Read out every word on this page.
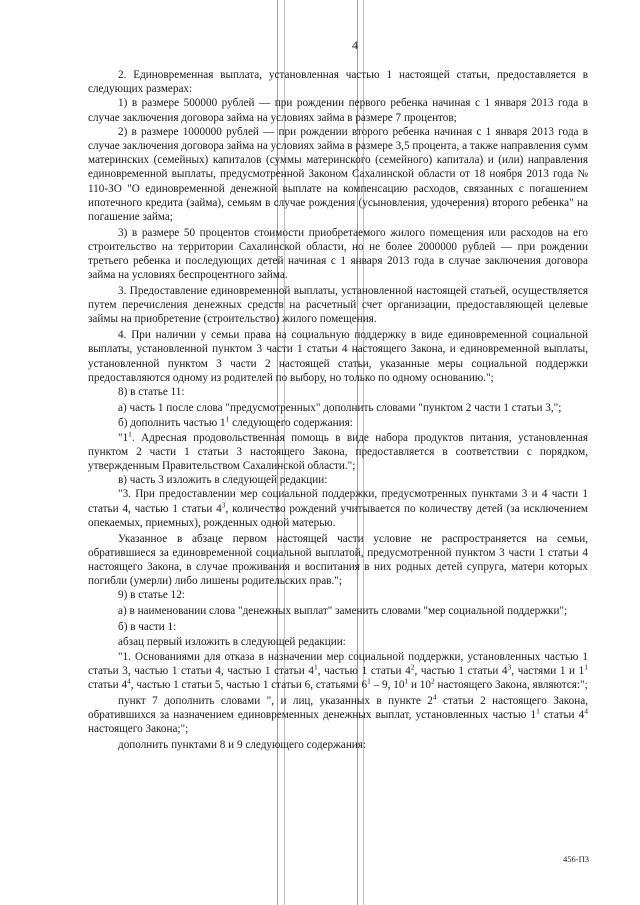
4

2. Единовременная выплата, установленная частью 1 настоящей статьи, предоставляется в следующих размерах:

1) в размере 500000 рублей — при рождении первого ребенка начиная с 1 января 2013 года в случае заключения договора займа на условиях займа в размере 7 процентов;

2) в размере 1000000 рублей — при рождении второго ребенка начиная с 1 января 2013 года в случае заключения договора займа на условиях займа в размере 3,5 процента, а также направления сумм материнских (семейных) капиталов (суммы материнского (семейного) капитала) и (или) направления единовременной выплаты, предусмотренной Законом Сахалинской области от 18 ноября 2013 года № 110-ЗО "О единовременной денежной выплате на компенсацию расходов, связанных с погашением ипотечного кредита (займа), семьям в случае рождения (усыновления, удочерения) второго ребенка" на погашение займа;

3) в размере 50 процентов стоимости приобретаемого жилого помещения или расходов на его строительство на территории Сахалинской области, но не более 2000000 рублей — при рождении третьего ребенка и последующих детей начиная с 1 января 2013 года в случае заключения договора займа на условиях беспроцентного займа.

3. Предоставление единовременной выплаты, установленной настоящей статьей, осуществляется путем перечисления денежных средств на расчетный счет организации, предоставляющей целевые займы на приобретение (строительство) жилого помещения.

4. При наличии у семьи права на социальную поддержку в виде единовременной социальной выплаты, установленной пунктом 3 части 1 статьи 4 настоящего Закона, и единовременной выплаты, установленной пунктом 3 части 2 настоящей статьи, указанные меры социальной поддержки предоставляются одному из родителей по выбору, но только по одному основанию.";

8) в статье 11:

а) часть 1 после слова "предусмотренных" дополнить словами "пунктом 2 части 1 статьи 3,";

б) дополнить частью $1^1$ следующего содержания:

"$1^1$. Адресная продовольственная помощь в виде набора продуктов питания, установленная пунктом 2 части 1 статьи 3 настоящего Закона, предоставляется в соответствии с порядком, утвержденным Правительством Сахалинской области.";

в) часть 3 изложить в следующей редакции:

"3. При предоставлении мер социальной поддержки, предусмотренных пунктами 3 и 4 части 1 статьи 4, частью 1 статьи $4^3$, количество рождений учитывается по количеству детей (за исключением опекаемых, приемных), рожденных одной матерью.

Указанное в абзаце первом настоящей части условие не распространяется на семьи, обратившиеся за единовременной социальной выплатой, предусмотренной пунктом 3 части 1 статьи 4 настоящего Закона, в случае проживания и воспитания в них родных детей супруга, матери которых погибли (умерли) либо лишены родительских прав.";

9) в статье 12:

а) в наименовании слова "денежных выплат" заменить словами "мер социальной поддержки";

б) в части 1:

абзац первый изложить в следующей редакции:

"1. Основаниями для отказа в назначении мер социальной поддержки, установленных частью 1 статьи 3, частью 1 статьи 4, частью 1 статьи $4^1$, частью 1 статьи $4^2$, частью 1 статьи $4^3$, частями 1 и $1^1$ статьи $4^4$, частью 1 статьи 5, частью 1 статьи 6, статьями $6^1 - 9$, $10^1$ и $10^2$ настоящего Закона, являются:";

пункт 7 дополнить словами ", и лиц, указанных в пункте $2^4$ статьи 2 настоящего Закона, обратившихся за назначением единовременных денежных выплат, установленных частью $1^1$ статьи $4^4$ настоящего Закона;";

дополнить пунктами 8 и 9 следующего содержания:

456-П3
